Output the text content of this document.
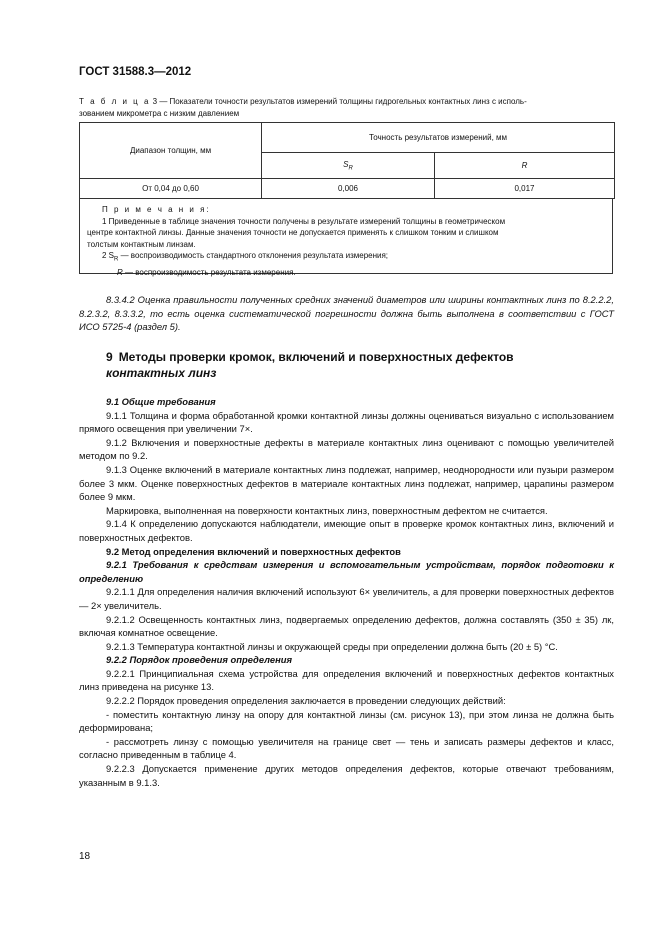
ГОСТ 31588.3—2012
Т а б л и ц а 3 — Показатели точности результатов измерений толщины гидрогельных контактных линз с исполь-
зованием микрометра с низким давлением
Диапазон толщин, мм	Точность результатов измерений, мм	
	$S_R$	R
От 0,04 до 0,60	0,006	0,017
П р и м е ч а н и я:
1 Приведенные в таблице значения точности получены в результате измерений толщины в геометрическом
центре контактной линзы. Данные значения точности не допускается применять к слишком тонким и слишком
толстым контактным линзам.
2 $S_R$ — воспроизводимость стандартного отклонения результата измерения;
R — воспроизводимость результата измерения.

8.3.4.2 Оценка правильности полученных средних значений диаметров или ширины контактных линз по 8.2.2.2, 8.2.3.2, 8.3.3.2, то есть оценка систематической погрешности должна быть выполнена в соответствии с ГОСТ ИСО 5725-4 (раздел 5).

9 Методы проверки кромок, включений и поверхностных дефектов
контактных линз

9.1 Общие требования

9.1.1 Толщина и форма обработанной кромки контактной линзы должны оцениваться визуально с использованием прямого освещения при увеличении 7×.

9.1.2 Включения и поверхностные дефекты в материале контактных линз оценивают с помощью увеличителей методом по 9.2.

9.1.3 Оценке включений в материале контактных линз подлежат, например, неоднородности или пузыри размером более 3 мкм. Оценке поверхностных дефектов в материале контактных линз подлежат, например, царапины размером более 9 мкм.

Маркировка, выполненная на поверхности контактных линз, поверхностным дефектом не считается.

9.1.4 К определению допускаются наблюдатели, имеющие опыт в проверке кромок контактных линз, включений и поверхностных дефектов.

9.2 Метод определения включений и поверхностных дефектов

9.2.1 Требования к средствам измерения и вспомогательным устройствам, порядок подготовки к определению

9.2.1.1 Для определения наличия включений используют 6× увеличитель, а для проверки поверхностных дефектов — 2× увеличитель.

9.2.1.2 Освещенность контактных линз, подвергаемых определению дефектов, должна составлять (350 ± 35) лк, включая комнатное освещение.

9.2.1.3 Температура контактной линзы и окружающей среды при определении должна быть (20 ± 5) °С.

9.2.2 Порядок проведения определения

9.2.2.1 Принципиальная схема устройства для определения включений и поверхностных дефектов контактных линз приведена на рисунке 13.

9.2.2.2 Порядок проведения определения заключается в проведении следующих действий:

- поместить контактную линзу на опору для контактной линзы (см. рисунок 13), при этом линза не должна быть деформирована;

- рассмотреть линзу с помощью увеличителя на границе свет — тень и записать размеры дефектов и класс, согласно приведенным в таблице 4.

9.2.2.3 Допускается применение других методов определения дефектов, которые отвечают требованиям, указанным в 9.1.3.

18
